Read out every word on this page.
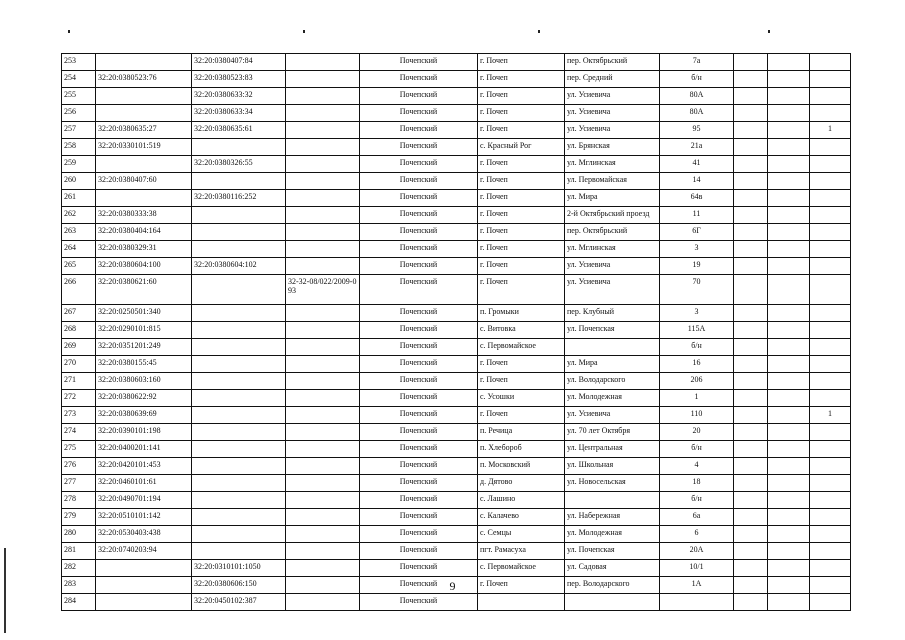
253		32:20:0380407:84		Почепский	г. Почеп	пер. Октябрьский	7а			
254	32:20:0380523:76	32:20:0380523:83		Почепский	г. Почеп	пер. Средний	б/н			
255		32:20:0380633:32		Почепский	г. Почеп	ул. Усиевича	80А			
256		32:20:0380633:34		Почепский	г. Почеп	ул. Усиевича	80А			
257	32:20:0380635:27	32:20:0380635:61		Почепский	г. Почеп	ул. Усиевича	95			1
258	32:20:0330101:519			Почепский	с. Красный Рог	ул. Брянская	21а			
259		32:20:0380326:55		Почепский	г. Почеп	ул. Мглинская	41			
260	32:20:0380407:60			Почепский	г. Почеп	ул. Первомайская	14			
261		32:20:0380116:252		Почепский	г. Почеп	ул. Мира	64в			
262	32:20:0380333:38			Почепский	г. Почеп	2-й Октябрьский проезд	11			
263	32:20:0380404:164			Почепский	г. Почеп	пер. Октябрьский	6Г			
264	32:20:0380329:31			Почепский	г. Почеп	ул. Мглинская	3			
265	32:20:0380604:100	32:20:0380604:102		Почепский	г. Почеп	ул. Усиевича	19			
266	32:20:0380621:60		32-32-08/022/2009-093	Почепский	г. Почеп	ул. Усиевича	70			
267	32:20:0250501:340			Почепский	п. Громыки	пер. Клубный	3			
268	32:20:0290101:815			Почепский	с. Витовка	ул. Почепская	115А			
269	32:20:0351201:249			Почепский	с. Первомайское		б/н			
270	32:20:0380155:45			Почепский	г. Почеп	ул. Мира	16			
271	32:20:0380603:160			Почепский	г. Почеп	ул. Володарского	206			
272	32:20:0380622:92			Почепский	с. Усошки	ул. Молодежная	1			
273	32:20:0380639:69			Почепский	г. Почеп	ул. Усиевича	110			1
274	32:20:0390101:198			Почепский	п. Речица	ул. 70 лет Октября	20			
275	32:20:0400201:141			Почепский	п. Хлебороб	ул. Центральная	б/н			
276	32:20:0420101:453			Почепский	п. Московский	ул. Школьная	4			
277	32:20:0460101:61			Почепский	д. Дятово	ул. Новосельская	18			
278	32:20:0490701:194			Почепский	с. Лашино		б/н			
279	32:20:0510101:142			Почепский	с. Калачево	ул. Набережная	6а			
280	32:20:0530403:438			Почепский	с. Семцы	ул. Молодежная	6			
281	32:20:0740203:94			Почепский	пгт. Рамасуха	ул. Почепская	20А			
282		32:20:0310101:1050		Почепский	с. Первомайское	ул. Садовая	10/1			
283		32:20:0380606:150		Почепский	г. Почеп	пер. Володарского	1А			
284		32:20:0450102:387		Почепский						
9
